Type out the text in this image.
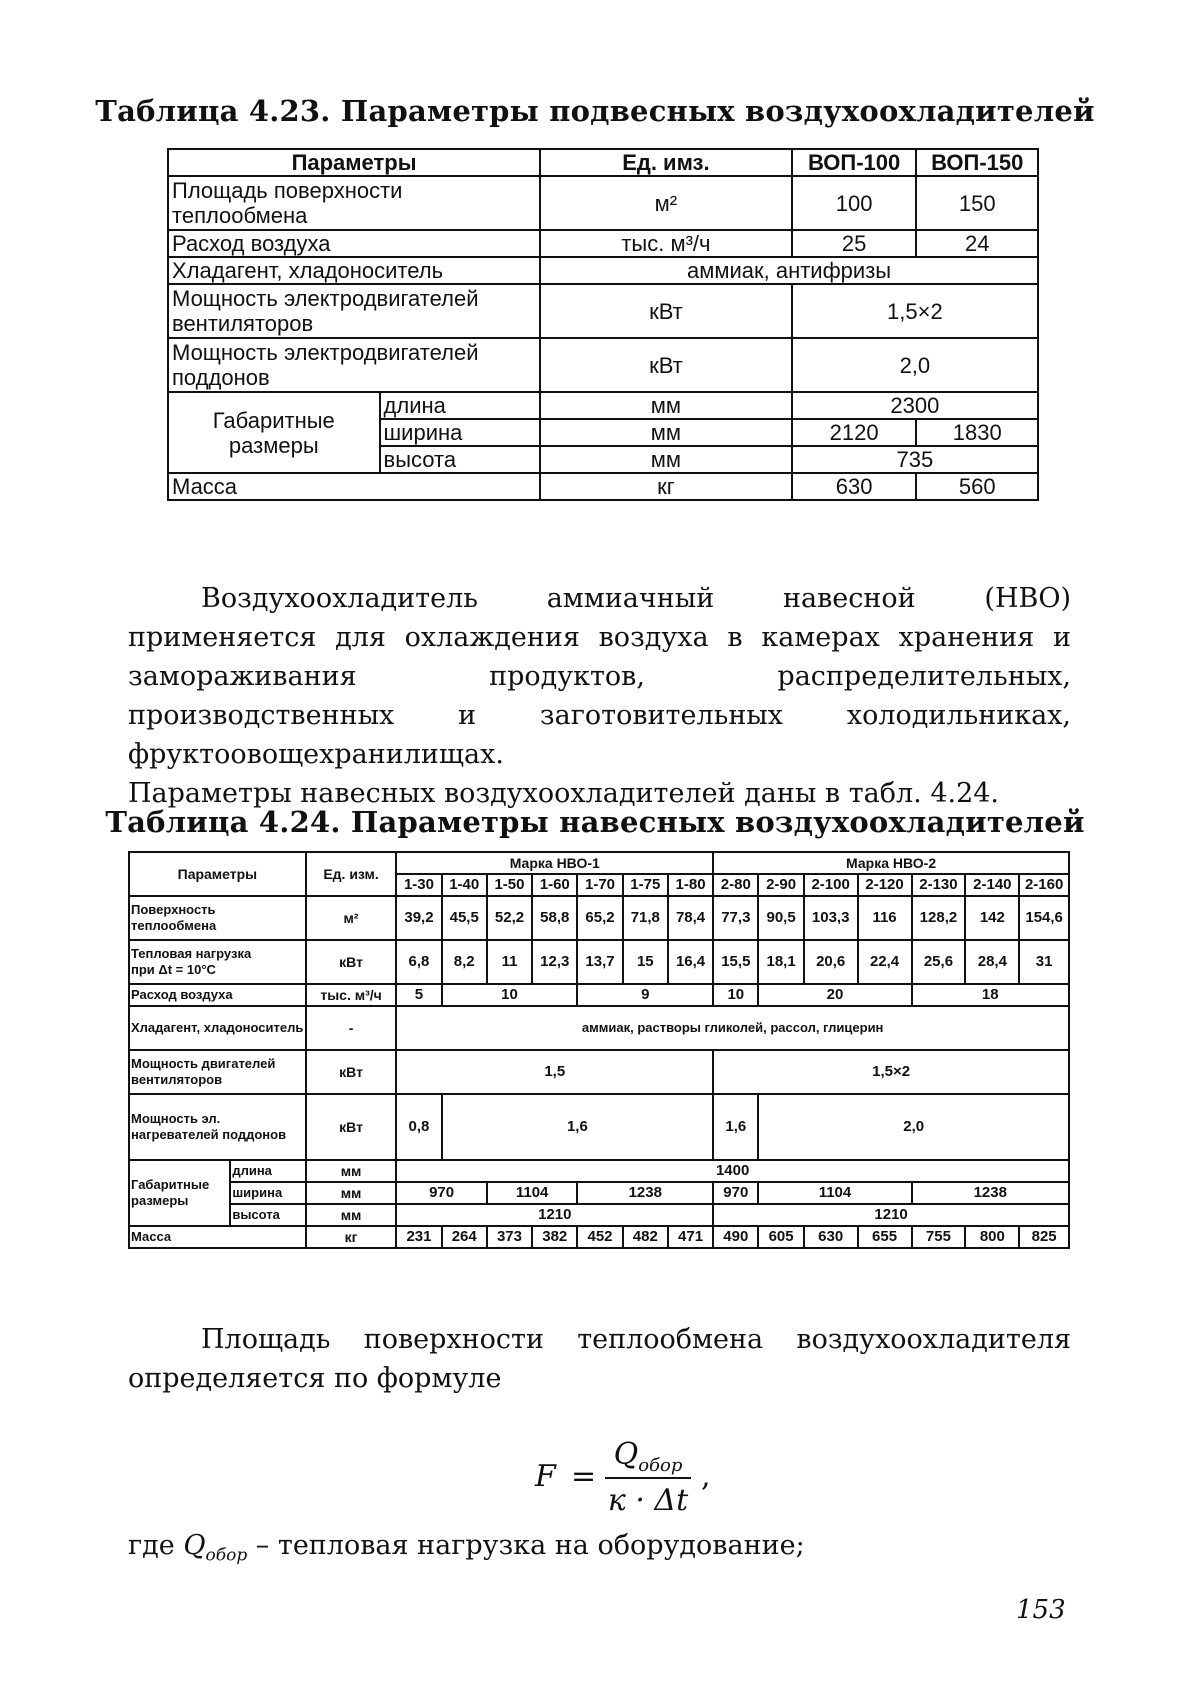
Таблица 4.23. Параметры подвесных воздухоохладителей
Параметры		Ед. имз.	ВОП-100	ВОП-150
Площадь поверхности теплообмена		м²	100	150
Расход воздуха		тыс. м³/ч	25	24
Хладагент, хладоноситель		аммиак, антифризы		
Мощность электродвигателей вентиляторов		кВт	1,5×2	
Мощность электродвигателей поддонов		кВт	2,0	
Габаритные размеры	длина	мм	2300	
	ширина	мм	2120	1830
	высота	мм	735	
Масса		кг	630	560
Воздухоохладитель аммиачный навесной (НВО) применяется для охлаждения воздуха в камерах хранения и замораживания продуктов, распределительных, производственных и заготовительных холодильниках, фруктоовощехранилищах.
Параметры навесных воздухоохладителей даны в табл. 4.24.
Таблица 4.24. Параметры навесных воздухоохладителей
Параметры		Ед. изм.	Марка НВО-1							Марка НВО-2						
			1-30	1-40	1-50	1-60	1-70	1-75	1-80	2-80	2-90	2-100	2-120	2-130	2-140	2-160
Поверхность теплообмена		м²	39,2	45,5	52,2	58,8	65,2	71,8	78,4	77,3	90,5	103,3	116	128,2	142	154,6
Тепловая нагрузка
при Δt = 10°С		кВт	6,8	8,2	11	12,3	13,7	15	16,4	15,5	18,1	20,6	22,4	25,6	28,4	31
Расход воздуха		тыс. м³/ч	5	10			9			10	20			18		
Хладагент, хладоноситель		-	аммиак, растворы гликолей, рассол, глицерин													
Мощность двигателей вентиляторов		кВт	1,5							1,5×2						
Мощность эл. нагревателей поддонов		кВт	0,8	1,6						1,6	2,0					
Габаритные размеры	длина	мм	1400													
	ширина	мм	970		1104		1238			970	1104			1238		
	высота	мм	1210							1210						
Масса		кг	231	264	373	382	452	482	471	490	605	630	655	755	800	825
Площадь поверхности теплообмена воздухоохладителя определяется по формуле
F =
$Q_{обор}$
к · Δt
,
где $Q_{обор}$ – тепловая нагрузка на оборудование;
153
